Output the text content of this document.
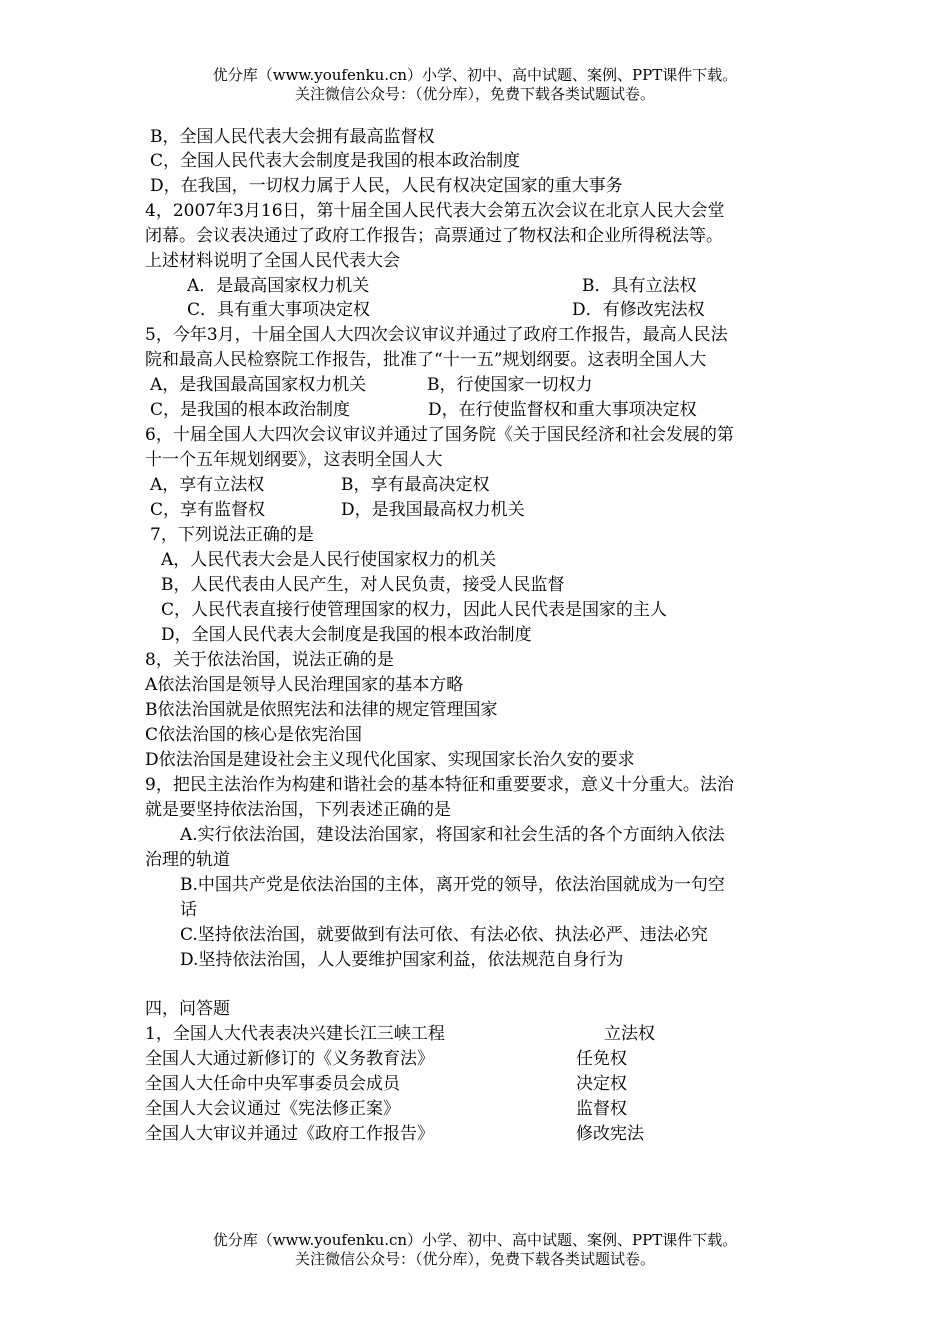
优分库（www.youfenku.cn）小学、初中、高中试题、案例、PPT课件下载。
关注微信公众号：（优分库），免费下载各类试题试卷。
B，全国人民代表大会拥有最高监督权
C，全国人民代表大会制度是我国的根本政治制度
D，在我国，一切权力属于人民，人民有权决定国家的重大事务
4，2007年3月16日，第十届全国人民代表大会第五次会议在北京人民大会堂
闭幕。会议表决通过了政府工作报告；高票通过了物权法和企业所得税法等。
上述材料说明了全国人民代表大会
A．是最高国家权力机关	B．具有立法权
C．具有重大事项决定权	D．有修改宪法权
5，今年3月，十届全国人大四次会议审议并通过了政府工作报告，最高人民法
院和最高人民检察院工作报告，批准了“十一五”规划纲要。这表明全国人大
A，是我国最高国家权力机关	B，行使国家一切权力
C，是我国的根本政治制度	D，在行使监督权和重大事项决定权
6，十届全国人大四次会议审议并通过了国务院《关于国民经济和社会发展的第
十一个五年规划纲要》，这表明全国人大
A，享有立法权	B，享有最高决定权
C，享有监督权	D，是我国最高权力机关
7，下列说法正确的是
A，人民代表大会是人民行使国家权力的机关
B，人民代表由人民产生，对人民负责，接受人民监督
C，人民代表直接行使管理国家的权力，因此人民代表是国家的主人
D，全国人民代表大会制度是我国的根本政治制度
8，关于依法治国，说法正确的是
A依法治国是领导人民治理国家的基本方略
B依法治国就是依照宪法和法律的规定管理国家
C依法治国的核心是依宪治国
D依法治国是建设社会主义现代化国家、实现国家长治久安的要求
9，把民主法治作为构建和谐社会的基本特征和重要要求，意义十分重大。法治
就是要坚持依法治国，下列表述正确的是
A.实行依法治国，建设法治国家，将国家和社会生活的各个方面纳入依法
治理的轨道
B.中国共产党是依法治国的主体，离开党的领导，依法治国就成为一句空
话
C.坚持依法治国，就要做到有法可依、有法必依、执法必严、违法必究
D.坚持依法治国，人人要维护国家利益，依法规范自身行为
四，问答题
1，全国人大代表表决兴建长江三峡工程	立法权
全国人大通过新修订的《义务教育法》	任免权
全国人大任命中央军事委员会成员	决定权
全国人大会议通过《宪法修正案》	监督权
全国人大审议并通过《政府工作报告》	修改宪法
优分库（www.youfenku.cn）小学、初中、高中试题、案例、PPT课件下载。
关注微信公众号：（优分库），免费下载各类试题试卷。
